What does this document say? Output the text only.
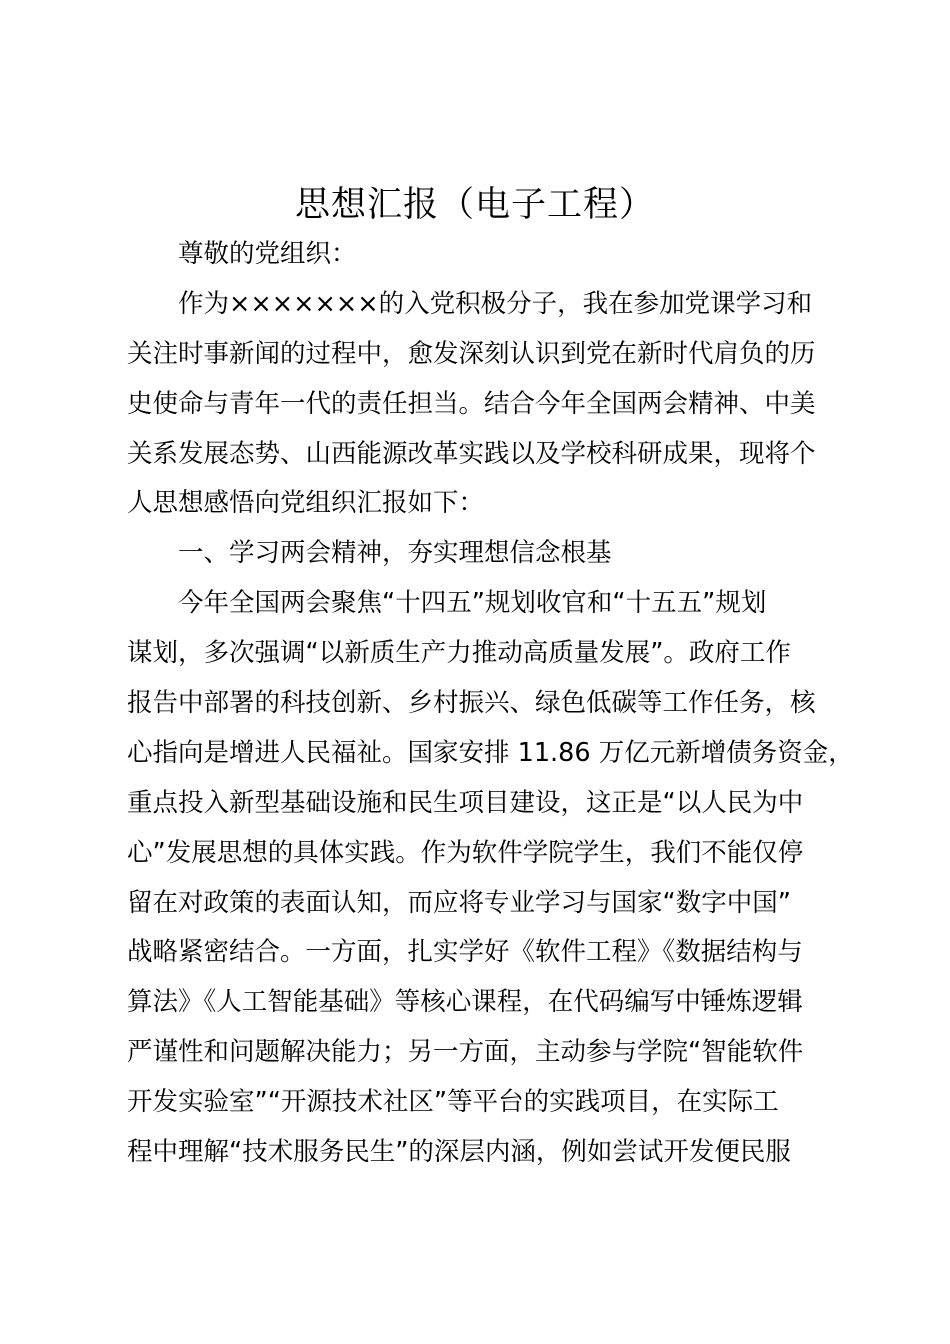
思想汇报（电子工程）
尊敬的党组织：
作为×××××××的入党积极分子，我在参加党课学习和
关注时事新闻的过程中，愈发深刻认识到党在新时代肩负的历
史使命与青年一代的责任担当。结合今年全国两会精神、中美
关系发展态势、山西能源改革实践以及学校科研成果，现将个
人思想感悟向党组织汇报如下：
一、学习两会精神，夯实理想信念根基
今年全国两会聚焦“十四五”规划收官和“十五五”规划
谋划，多次强调“以新质生产力推动高质量发展”。政府工作
报告中部署的科技创新、乡村振兴、绿色低碳等工作任务，核
心指向是增进人民福祉。国家安排 11.86 万亿元新增债务资金，
重点投入新型基础设施和民生项目建设，这正是“以人民为中
心”发展思想的具体实践。作为软件学院学生，我们不能仅停
留在对政策的表面认知，而应将专业学习与国家“数字中国”
战略紧密结合。一方面，扎实学好《软件工程》《数据结构与
算法》《人工智能基础》等核心课程，在代码编写中锤炼逻辑
严谨性和问题解决能力；另一方面，主动参与学院“智能软件
开发实验室”“开源技术社区”等平台的实践项目，在实际工
程中理解“技术服务民生”的深层内涵，例如尝试开发便民服
